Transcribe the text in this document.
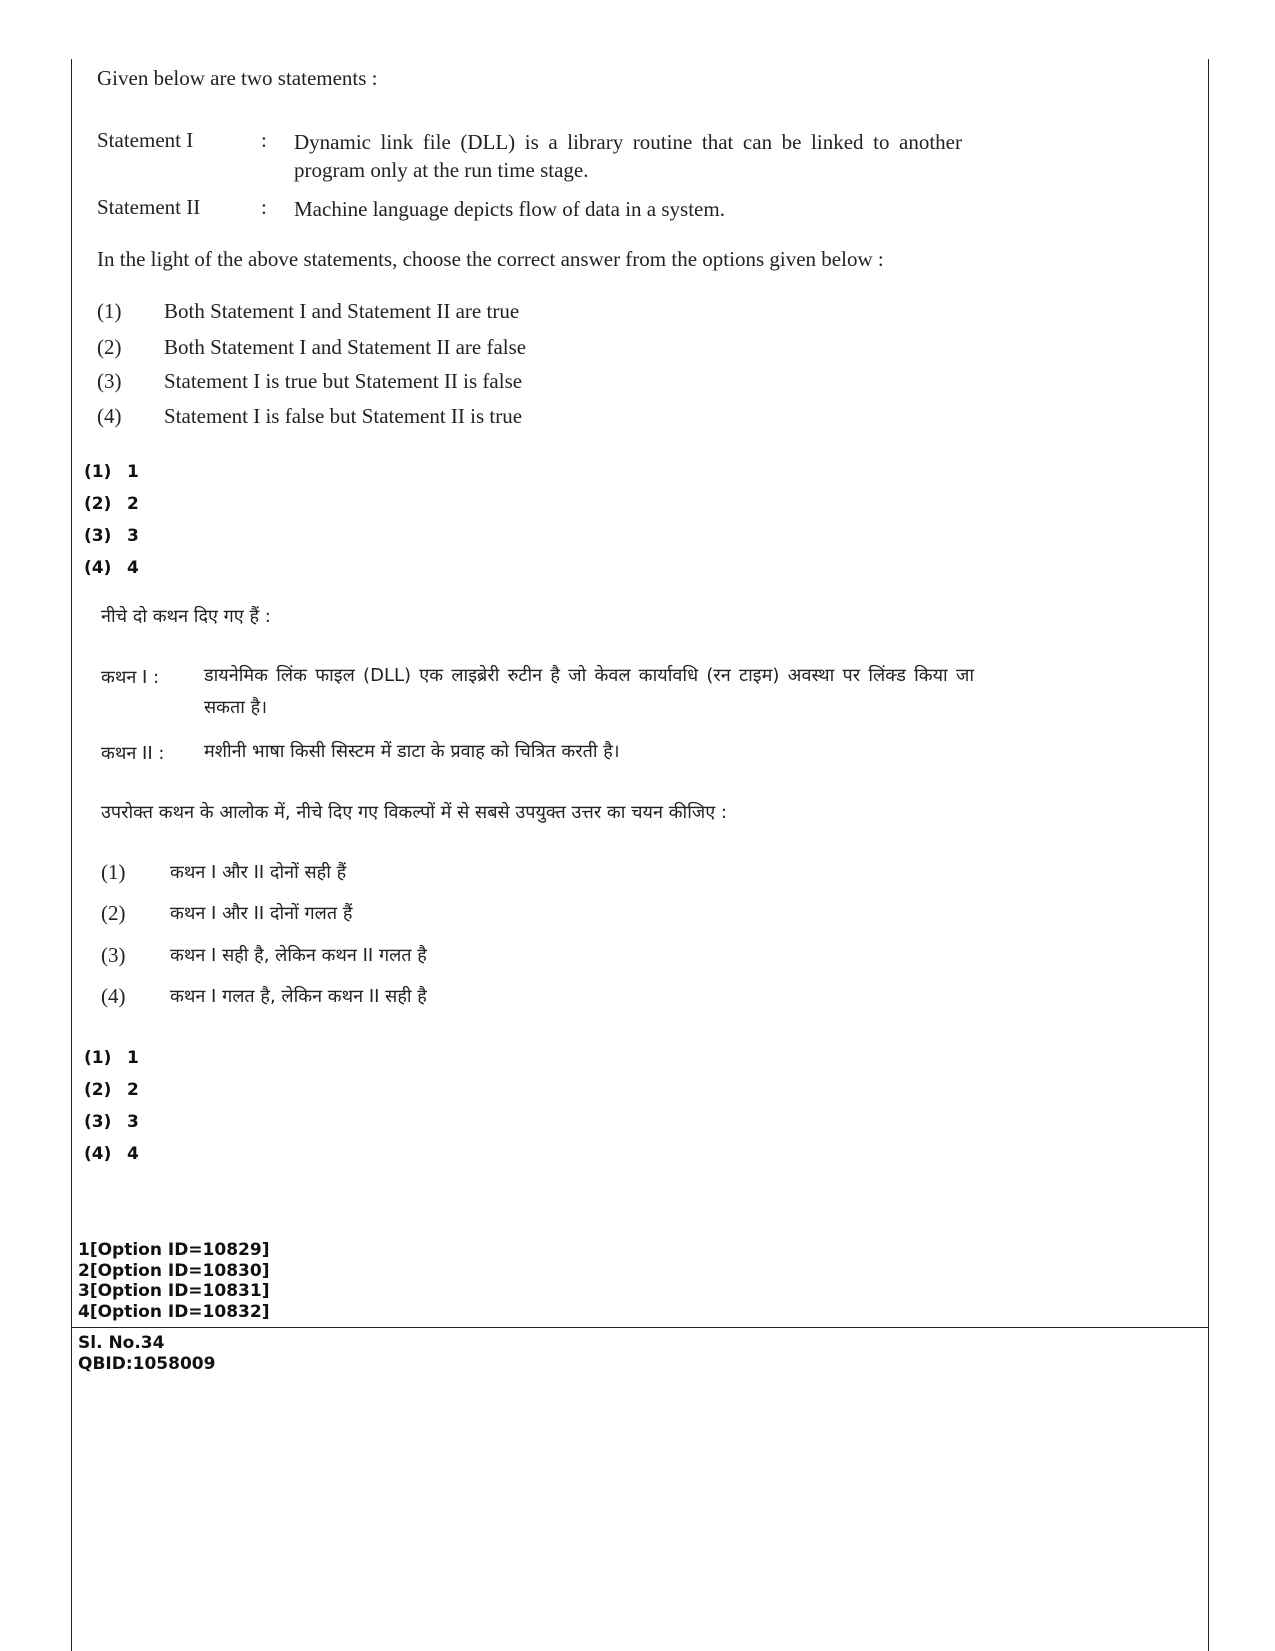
Given below are two statements :
Statement I	: Dynamic link file (DLL) is a library routine that can be linked to another program only at the run time stage.
Statement II	: Machine language depicts flow of data in a system.
In the light of the above statements, choose the correct answer from the options given below :
(1) Both Statement I and Statement II are true
(2) Both Statement I and Statement II are false
(3) Statement I is true but Statement II is false
(4) Statement I is false but Statement II is true
(1) 1
(2) 2
(3) 3
(4) 4
नीचे दो कथन दिए गए हैं :
कथन I : डायनेमिक लिंक फाइल (DLL) एक लाइब्रेरी रुटीन है जो केवल कार्यावधि (रन टाइम) अवस्था पर लिंक्ड किया जा सकता है।
कथन II : मशीनी भाषा किसी सिस्टम में डाटा के प्रवाह को चित्रित करती है।
उपरोक्त कथन के आलोक में, नीचे दिए गए विकल्पों में से सबसे उपयुक्त उत्तर का चयन कीजिए :
(1) कथन I और II दोनों सही हैं
(2) कथन I और II दोनों गलत हैं
(3) कथन I सही है, लेकिन कथन II गलत है
(4) कथन I गलत है, लेकिन कथन II सही है
(1) 1
(2) 2
(3) 3
(4) 4
1[Option ID=10829]
2[Option ID=10830]
3[Option ID=10831]
4[Option ID=10832]
Sl. No.34
QBID:1058009
